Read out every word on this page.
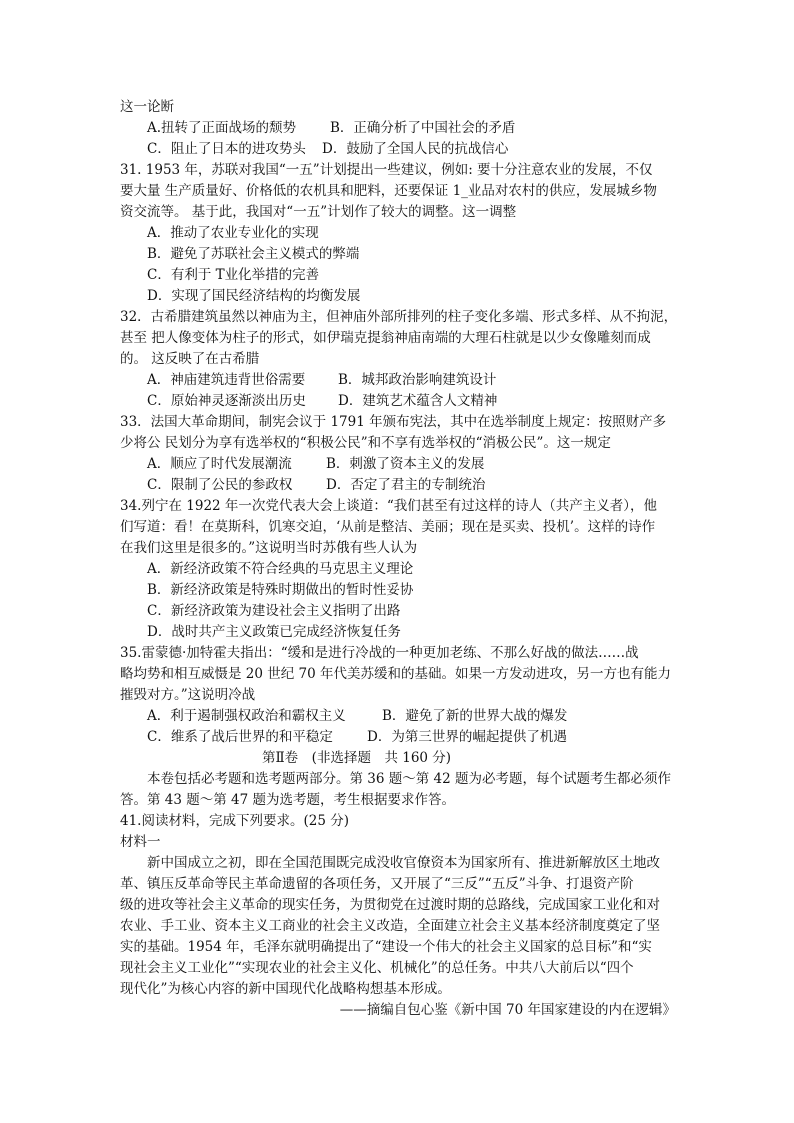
这一论断
A.扭转了正面战场的颓势	B．正确分析了中国社会的矛盾
C．阻止了日本的进攻势头 D．鼓励了全国人民的抗战信心
31. 1953 年，苏联对我国“一五”计划提出一些建议，例如: 要十分注意农业的发展，不仅
要大量 生产质量好、价格低的农机具和肥料，还要保证 1_业品对农村的供应，发展城乡物
资交流等。 基于此，我国对“一五”计划作了较大的调整。这一调整
A．推动了农业专业化的实现
B．避免了苏联社会主义模式的弊端
C．有利于 T业化举措的完善
D．实现了国民经济结构的均衡发展
32．古希腊建筑虽然以神庙为主，但神庙外部所排列的柱子变化多端、形式多样、从不拘泥，
甚至 把人像变体为柱子的形式，如伊瑞克提翁神庙南端的大理石柱就是以少女像雕刻而成
的。 这反映了在古希腊
A．神庙建筑违背世俗需要 B．城邦政治影响建筑设计
C．原始神灵逐渐淡出历史 D．建筑艺术蕴含人文精神
33．法国大革命期间，制宪会议于 1791 年颁布宪法，其中在选举制度上规定：按照财产多
少将公 民划分为享有选举权的“积极公民”和不享有选举权的“消极公民”。这一规定
A．顺应了时代发展潮流	B．刺激了资本主义的发展
C．限制了公民的参政权 D．否定了君主的专制统治
34.列宁在 1922 年一次党代表大会上谈道：“我们甚至有过这样的诗人（共产主义者），他
们写道：看！在莫斯科，饥寒交迫，‘从前是整洁、美丽；现在是买卖、投机’。这样的诗作
在我们这里是很多的。”这说明当时苏俄有些人认为
A．新经济政策不符合经典的马克思主义理论
B．新经济政策是特殊时期做出的暂时性妥协
C．新经济政策为建设社会主义指明了出路
D．战时共产主义政策已完成经济恢复任务
35.雷蒙德·加特霍夫指出：“缓和是进行冷战的一种更加老练、不那么好战的做法……战
略均势和相互威慑是 20 世纪 70 年代美苏缓和的基础。如果一方发动进攻，另一方也有能力
摧毁对方。”这说明冷战
A．利于遏制强权政治和霸权主义	B．避免了新的世界大战的爆发
C．维系了战后世界的和平稳定	D．为第三世界的崛起提供了机遇
第Ⅱ卷　(非选择题　共 160 分)
本卷包括必考题和选考题两部分。第 36 题～第 42 题为必考题，每个试题考生都必须作
答。第 43 题～第 47 题为选考题，考生根据要求作答。
41.阅读材料，完成下列要求。(25 分)
材料一
新中国成立之初，即在全国范围既完成没收官僚资本为国家所有、推进新解放区土地改
革、镇压反革命等民主革命遗留的各项任务，又开展了“三反”“五反”斗争、打退资产阶
级的进攻等社会主义革命的现实任务，为贯彻党在过渡时期的总路线，完成国家工业化和对
农业、手工业、资本主义工商业的社会主义改造，全面建立社会主义基本经济制度奠定了坚
实的基础。1954 年，毛泽东就明确提出了“建设一个伟大的社会主义国家的总目标”和“实
现社会主义工业化”“实现农业的社会主义化、机械化”的总任务。中共八大前后以“四个
现代化”为核心内容的新中国现代化战略构想基本形成。
——摘编自包心鉴《新中国 70 年国家建设的内在逻辑》
